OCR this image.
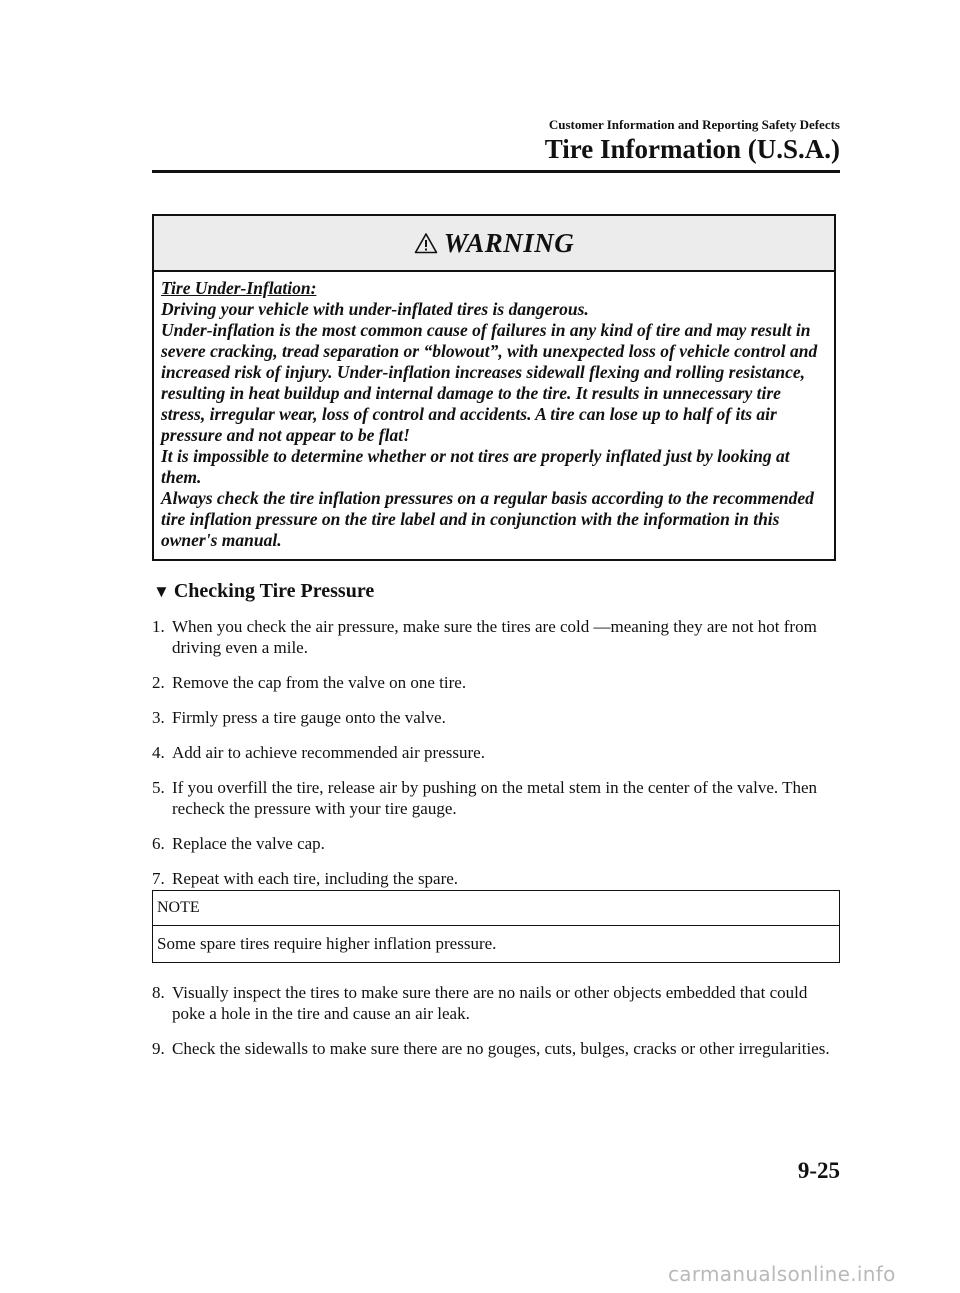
Customer Information and Reporting Safety Defects
Tire Information (U.S.A.)
WARNING
Tire Under-Inflation:
Driving your vehicle with under-inflated tires is dangerous.
Under-inflation is the most common cause of failures in any kind of tire and may result in severe cracking, tread separation or “blowout”, with unexpected loss of vehicle control and increased risk of injury. Under-inflation increases sidewall flexing and rolling resistance, resulting in heat buildup and internal damage to the tire. It results in unnecessary tire stress, irregular wear, loss of control and accidents. A tire can lose up to half of its air pressure and not appear to be flat!
It is impossible to determine whether or not tires are properly inflated just by looking at them.
Always check the tire inflation pressures on a regular basis according to the recommended tire inflation pressure on the tire label and in conjunction with the information in this owner's manual.
▼ Checking Tire Pressure
1. When you check the air pressure, make sure the tires are cold ―meaning they are not hot from driving even a mile.
2. Remove the cap from the valve on one tire.
3. Firmly press a tire gauge onto the valve.
4. Add air to achieve recommended air pressure.
5. If you overfill the tire, release air by pushing on the metal stem in the center of the valve. Then recheck the pressure with your tire gauge.
6. Replace the valve cap.
7. Repeat with each tire, including the spare.
NOTE
Some spare tires require higher inflation pressure.
8. Visually inspect the tires to make sure there are no nails or other objects embedded that could poke a hole in the tire and cause an air leak.
9. Check the sidewalls to make sure there are no gouges, cuts, bulges, cracks or other irregularities.
9-25
carmanualsonline.info
